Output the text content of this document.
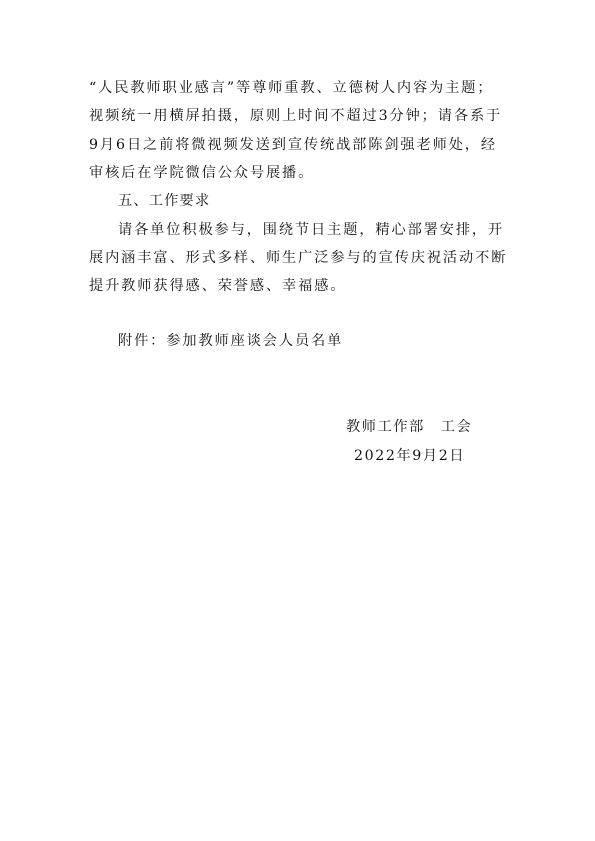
“人民教师职业感言”等尊师重教、立德树人内容为主题；
视频统一用横屏拍摄，原则上时间不超过3分钟；请各系于
9月6日之前将微视频发送到宣传统战部陈剑强老师处，经
审核后在学院微信公众号展播。
五、工作要求
请各单位积极参与，围绕节日主题，精心部署安排，开
展内涵丰富、形式多样、师生广泛参与的宣传庆祝活动不断
提升教师获得感、荣誉感、幸福感。
附件：参加教师座谈会人员名单
教师工作部　工会
2022年9月2日
